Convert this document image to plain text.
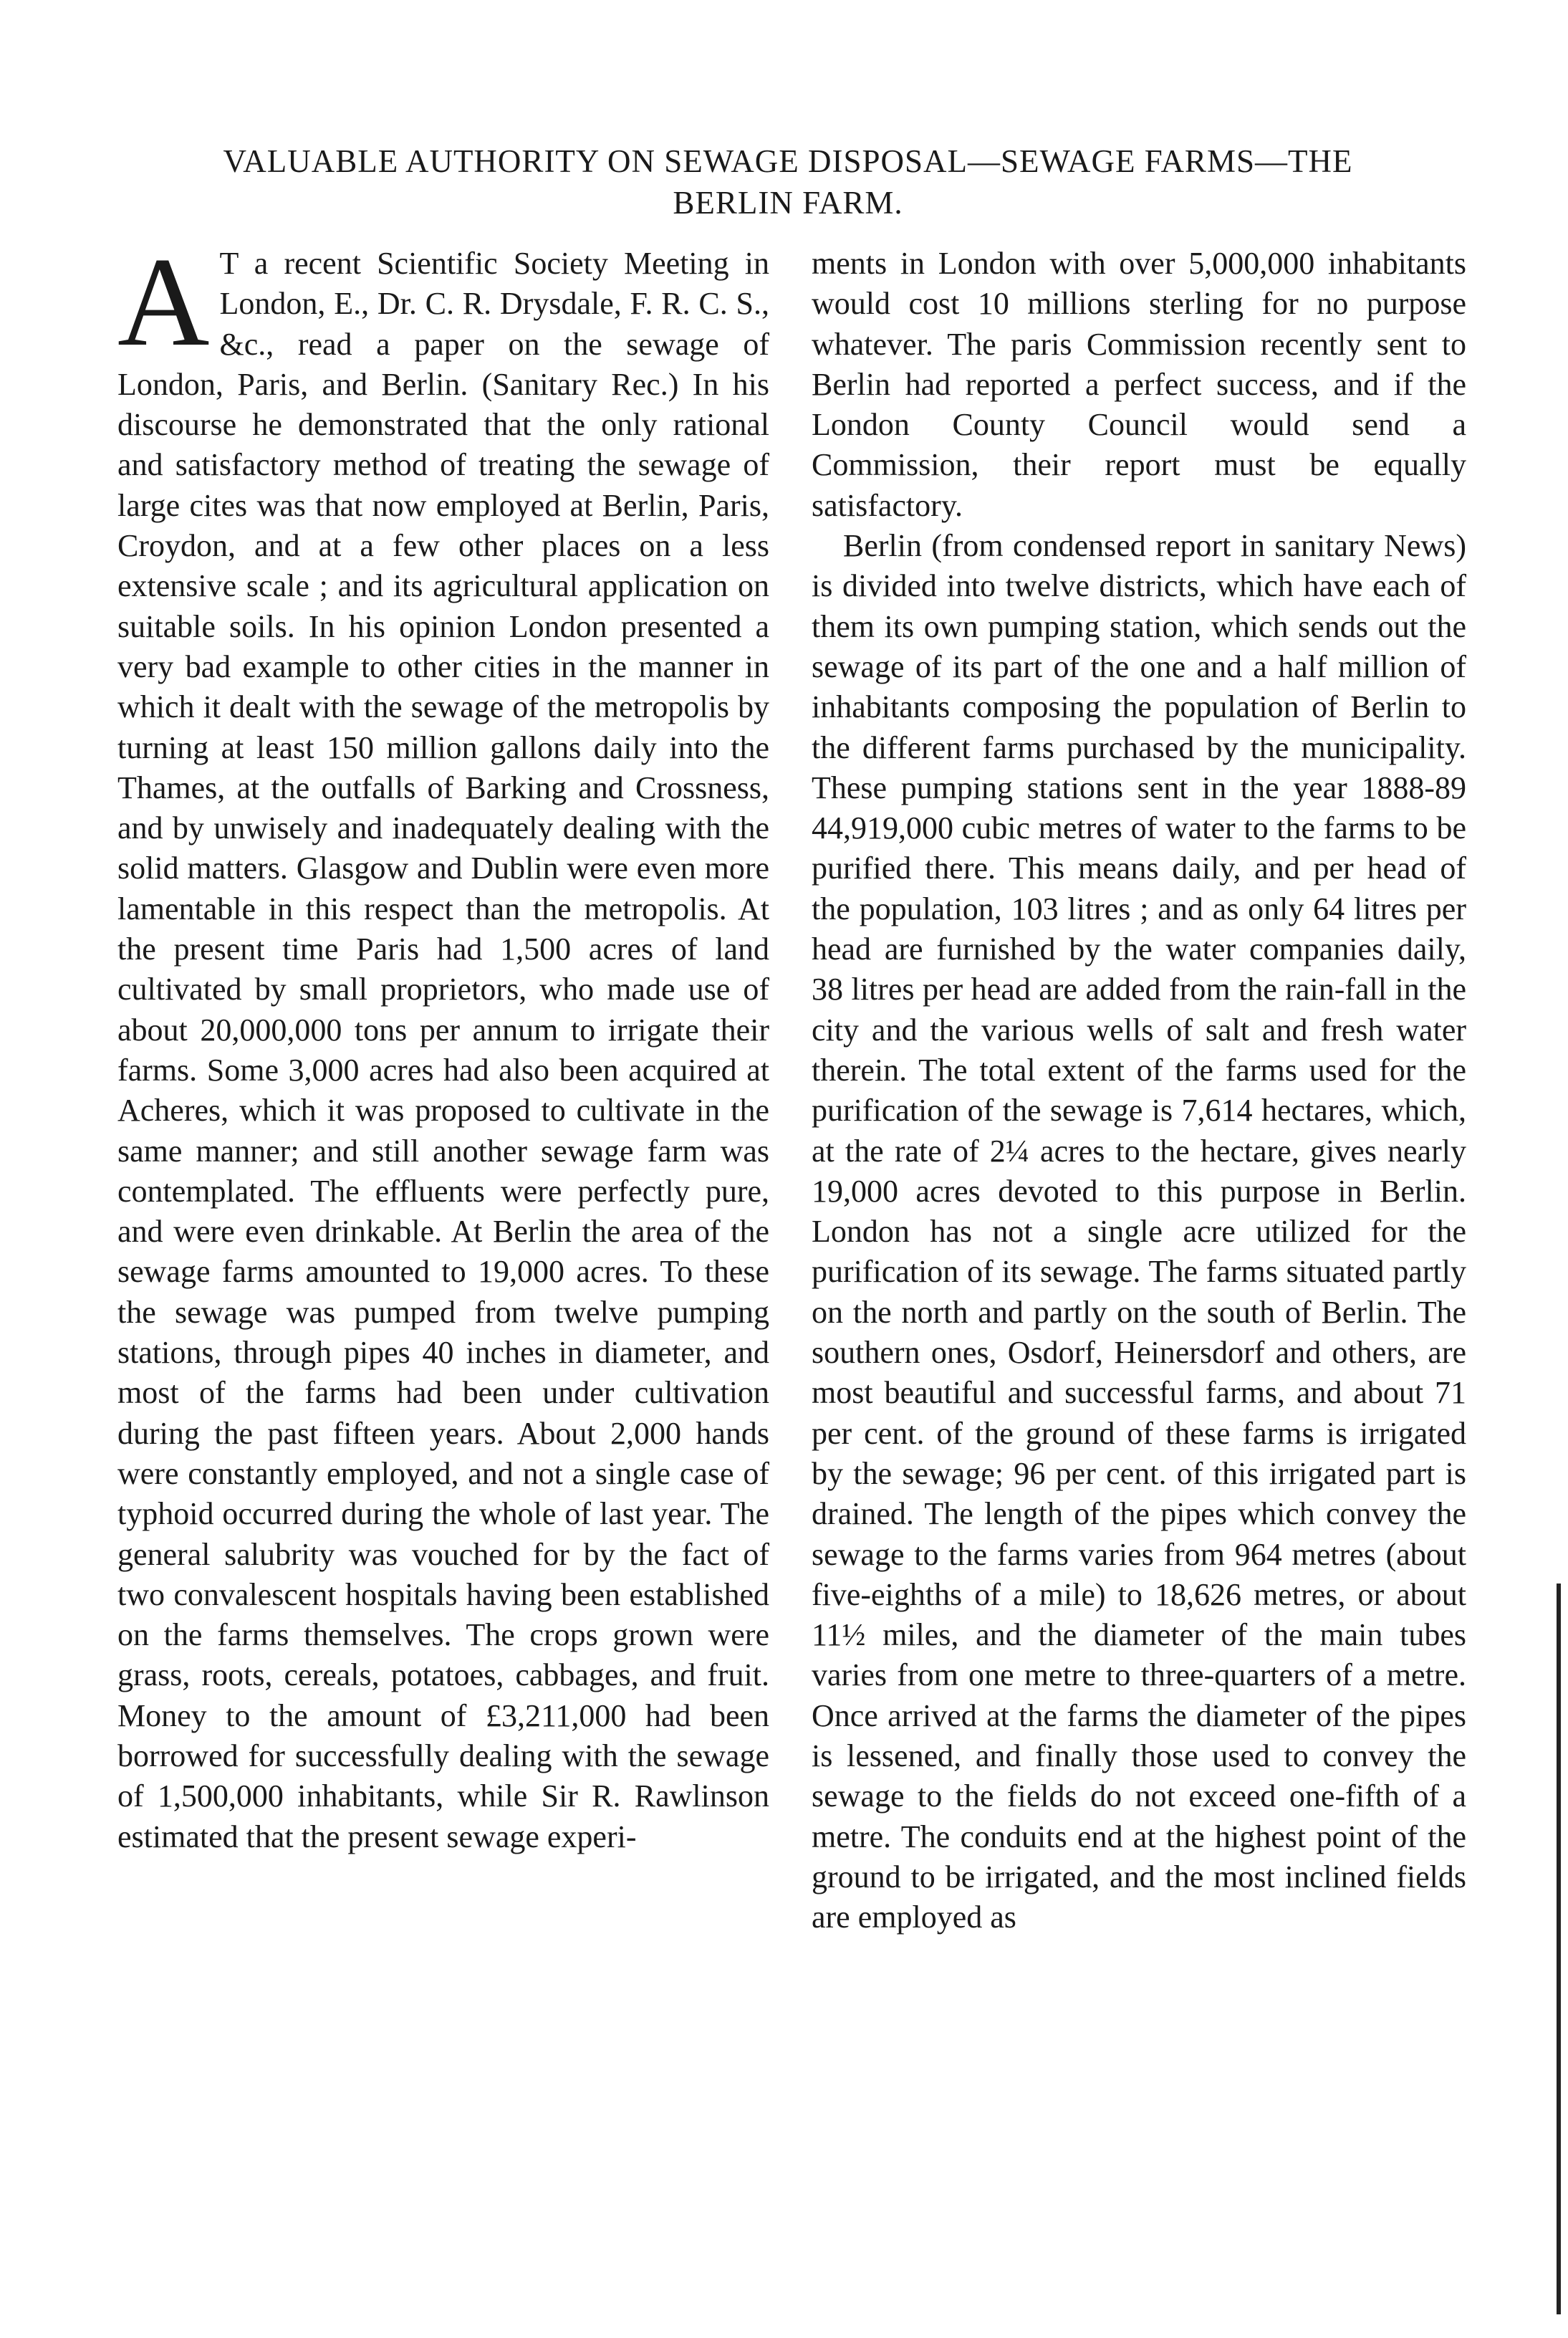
VALUABLE AUTHORITY ON SEWAGE DISPOSAL—SEWAGE FARMS—THE
BERLIN FARM.

A T a recent Scientific Society Meeting in London, E., Dr. C. R. Drysdale, F. R. C. S., &c., read a paper on the sewage of London, Paris, and Berlin. (Sanitary Rec.) In his discourse he demonstrated that the only rational and satisfactory method of treating the sewage of large cites was that now employed at Berlin, Paris, Croydon, and at a few other places on a less extensive scale ; and its agricultural application on suitable soils. In his opinion London presented a very bad example to other cities in the manner in which it dealt with the sewage of the metropolis by turning at least 150 million gallons daily into the Thames, at the outfalls of Barking and Crossness, and by unwisely and inadequately dealing with the solid matters. Glasgow and Dublin were even more lamentable in this respect than the metropolis. At the present time Paris had 1,500 acres of land cultivated by small proprietors, who made use of about 20,000,000 tons per annum to irrigate their farms. Some 3,000 acres had also been acquired at Acheres, which it was proposed to cultivate in the same manner; and still another sewage farm was contemplated. The effluents were perfectly pure, and were even drinkable. At Berlin the area of the sewage farms amounted to 19,000 acres. To these the sewage was pumped from twelve pumping stations, through pipes 40 inches in diameter, and most of the farms had been under cultivation during the past fifteen years. About 2,000 hands were constantly employed, and not a single case of typhoid occurred during the whole of last year. The general salubrity was vouched for by the fact of two convalescent hospitals having been established on the farms themselves. The crops grown were grass, roots, cereals, potatoes, cabbages, and fruit. Money to the amount of £3,211,000 had been borrowed for successfully dealing with the sewage of 1,500,000 inhabitants, while Sir R. Rawlinson estimated that the present sewage experi-

ments in London with over 5,000,000 inhabitants would cost 10 millions sterling for no purpose whatever. The paris Commission recently sent to Berlin had reported a perfect success, and if the London County Council would send a Commission, their report must be equally satisfactory.

Berlin (from condensed report in sanitary News) is divided into twelve districts, which have each of them its own pumping station, which sends out the sewage of its part of the one and a half million of inhabitants composing the population of Berlin to the different farms purchased by the municipality. These pumping stations sent in the year 1888-89 44,919,000 cubic metres of water to the farms to be purified there. This means daily, and per head of the population, 103 litres ; and as only 64 litres per head are furnished by the water companies daily, 38 litres per head are added from the rain-fall in the city and the various wells of salt and fresh water therein. The total extent of the farms used for the purification of the sewage is 7,614 hectares, which, at the rate of 2¼ acres to the hectare, gives nearly 19,000 acres devoted to this purpose in Berlin. London has not a single acre utilized for the purification of its sewage. The farms situated partly on the north and partly on the south of Berlin. The southern ones, Osdorf, Heinersdorf and others, are most beautiful and successful farms, and about 71 per cent. of the ground of these farms is irrigated by the sewage; 96 per cent. of this irrigated part is drained. The length of the pipes which convey the sewage to the farms varies from 964 metres (about five-eighths of a mile) to 18,626 metres, or about 11½ miles, and the diameter of the main tubes varies from one metre to three-quarters of a metre. Once arrived at the farms the diameter of the pipes is lessened, and finally those used to convey the sewage to the fields do not exceed one-fifth of a metre. The conduits end at the highest point of the ground to be irrigated, and the most inclined fields are employed as
